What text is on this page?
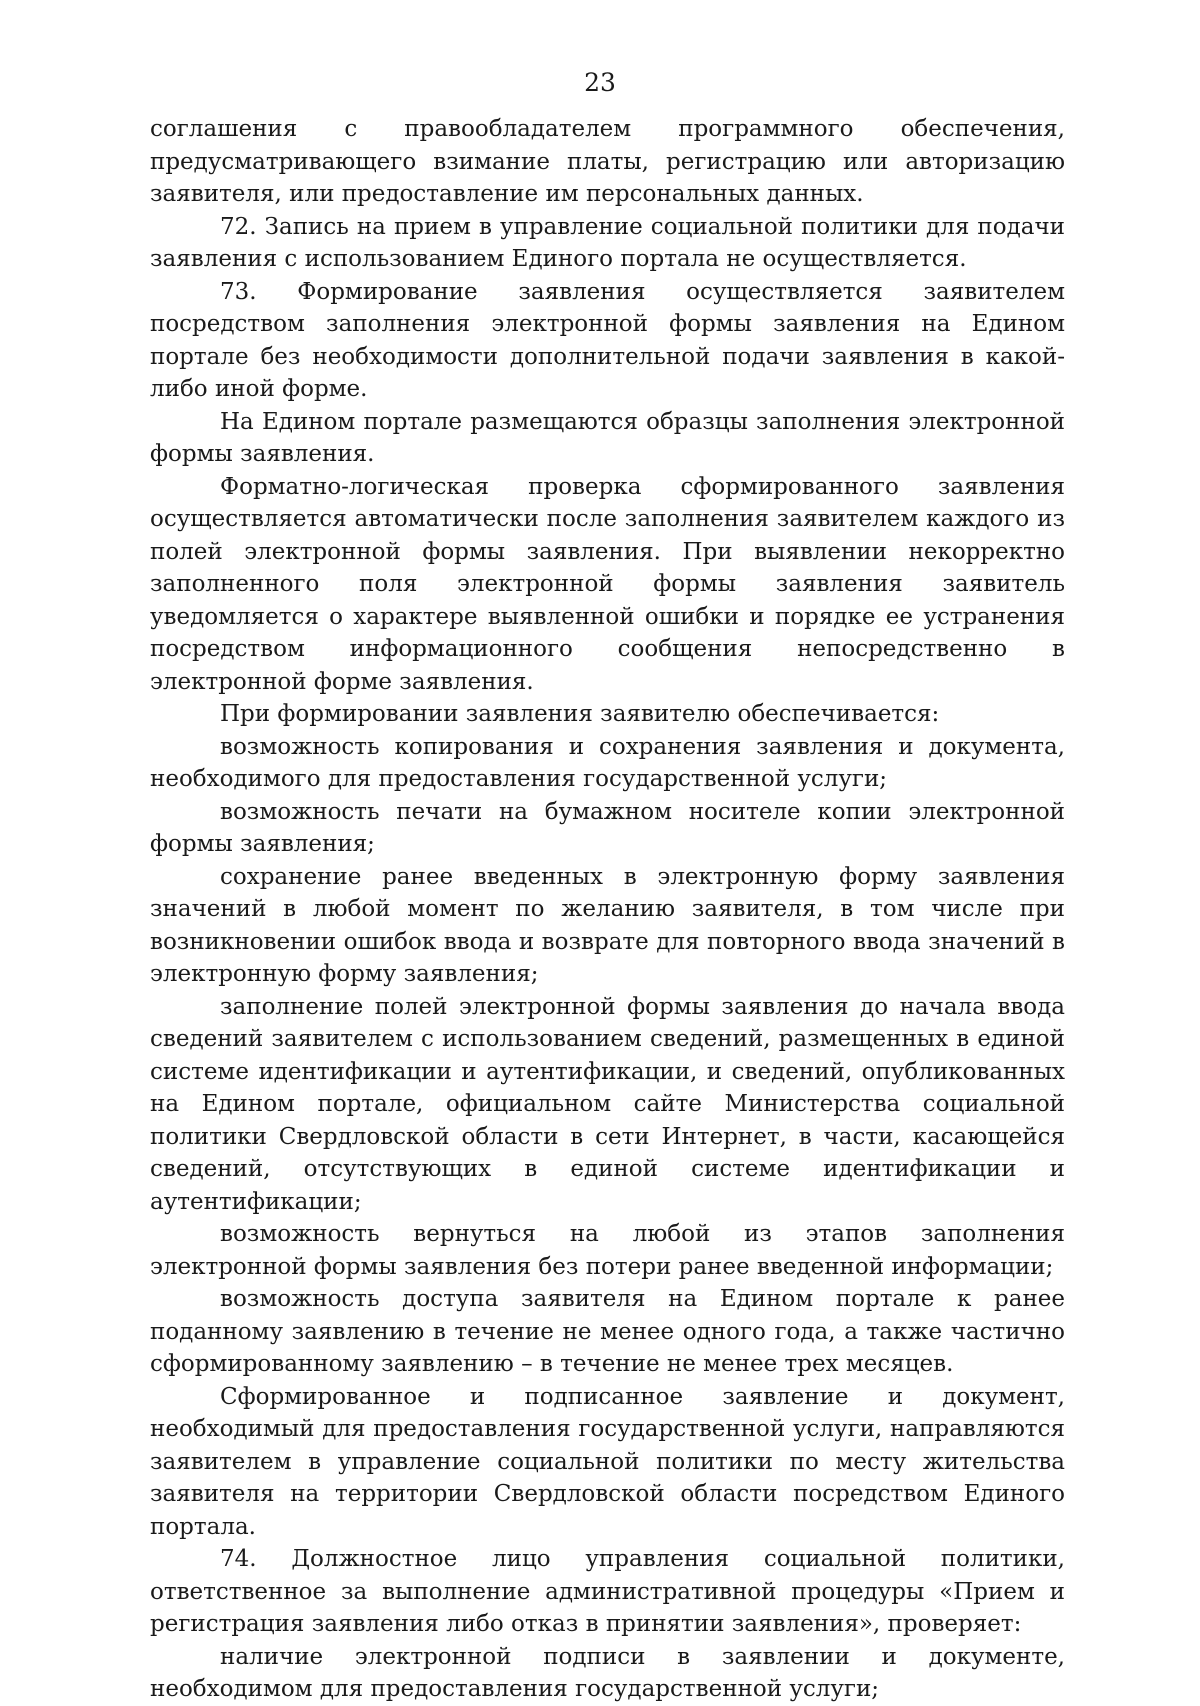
23

соглашения с правообладателем программного обеспечения, предусматривающего взимание платы, регистрацию или авторизацию заявителя, или предоставление им персональных данных.

72. Запись на прием в управление социальной политики для подачи заявления с использованием Единого портала не осуществляется.

73. Формирование заявления осуществляется заявителем посредством заполнения электронной формы заявления на Едином портале без необходимости дополнительной подачи заявления в какой-либо иной форме.

На Едином портале размещаются образцы заполнения электронной формы заявления.

Форматно-логическая проверка сформированного заявления осуществляется автоматически после заполнения заявителем каждого из полей электронной формы заявления. При выявлении некорректно заполненного поля электронной формы заявления заявитель уведомляется о характере выявленной ошибки и порядке ее устранения посредством информационного сообщения непосредственно в электронной форме заявления.

При формировании заявления заявителю обеспечивается:

возможность копирования и сохранения заявления и документа, необходимого для предоставления государственной услуги;

возможность печати на бумажном носителе копии электронной формы заявления;

сохранение ранее введенных в электронную форму заявления значений в любой момент по желанию заявителя, в том числе при возникновении ошибок ввода и возврате для повторного ввода значений в электронную форму заявления;

заполнение полей электронной формы заявления до начала ввода сведений заявителем с использованием сведений, размещенных в единой системе идентификации и аутентификации, и сведений, опубликованных на Едином портале, официальном сайте Министерства социальной политики Свердловской области в сети Интернет, в части, касающейся сведений, отсутствующих в единой системе идентификации и аутентификации;

возможность вернуться на любой из этапов заполнения электронной формы заявления без потери ранее введенной информации;

возможность доступа заявителя на Едином портале к ранее поданному заявлению в течение не менее одного года, а также частично сформированному заявлению – в течение не менее трех месяцев.

Сформированное и подписанное заявление и документ, необходимый для предоставления государственной услуги, направляются заявителем в управление социальной политики по месту жительства заявителя на территории Свердловской области посредством Единого портала.

74. Должностное лицо управления социальной политики, ответственное за выполнение административной процедуры «Прием и регистрация заявления либо отказ в принятии заявления», проверяет:

наличие электронной подписи в заявлении и документе, необходимом для предоставления государственной услуги;
